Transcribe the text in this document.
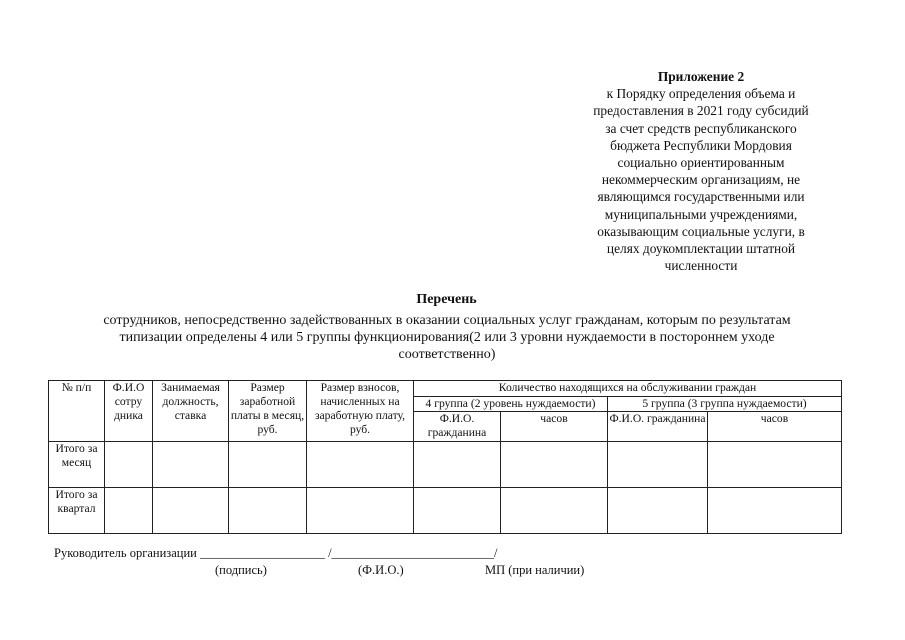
Приложение 2
к Порядку определения объема и
предоставления в 2021 году субсидий
за счет средств республиканского
бюджета Республики Мордовия
социально ориентированным
некоммерческим организациям, не
являющимся государственными или
муниципальными учреждениями,
оказывающим социальные услуги, в
целях доукомплектации штатной
численности
Перечень
сотрудников, непосредственно задействованных в оказании социальных услуг гражданам, которым по результатам
типизации определены 4 или 5 группы функционирования(2 или 3 уровни нуждаемости в постороннем уходе
соответственно)
№ п/п	Ф.И.О сотру дника	Занимаемая должность, ставка	Размер заработной платы в месяц, руб.	Размер взносов, начисленных на заработную плату, руб.	Количество находящихся на обслуживании граждан			
					4 группа (2 уровень нуждаемости)		5 группа (3 группа нуждаемости)	
					Ф.И.О. гражданина	часов	Ф.И.О. гражданина	часов
Итого за месяц								
Итого за квартал								
Руководитель организации ____________________ /__________________________/
(подпись)	(Ф.И.О.)	МП (при наличии)
